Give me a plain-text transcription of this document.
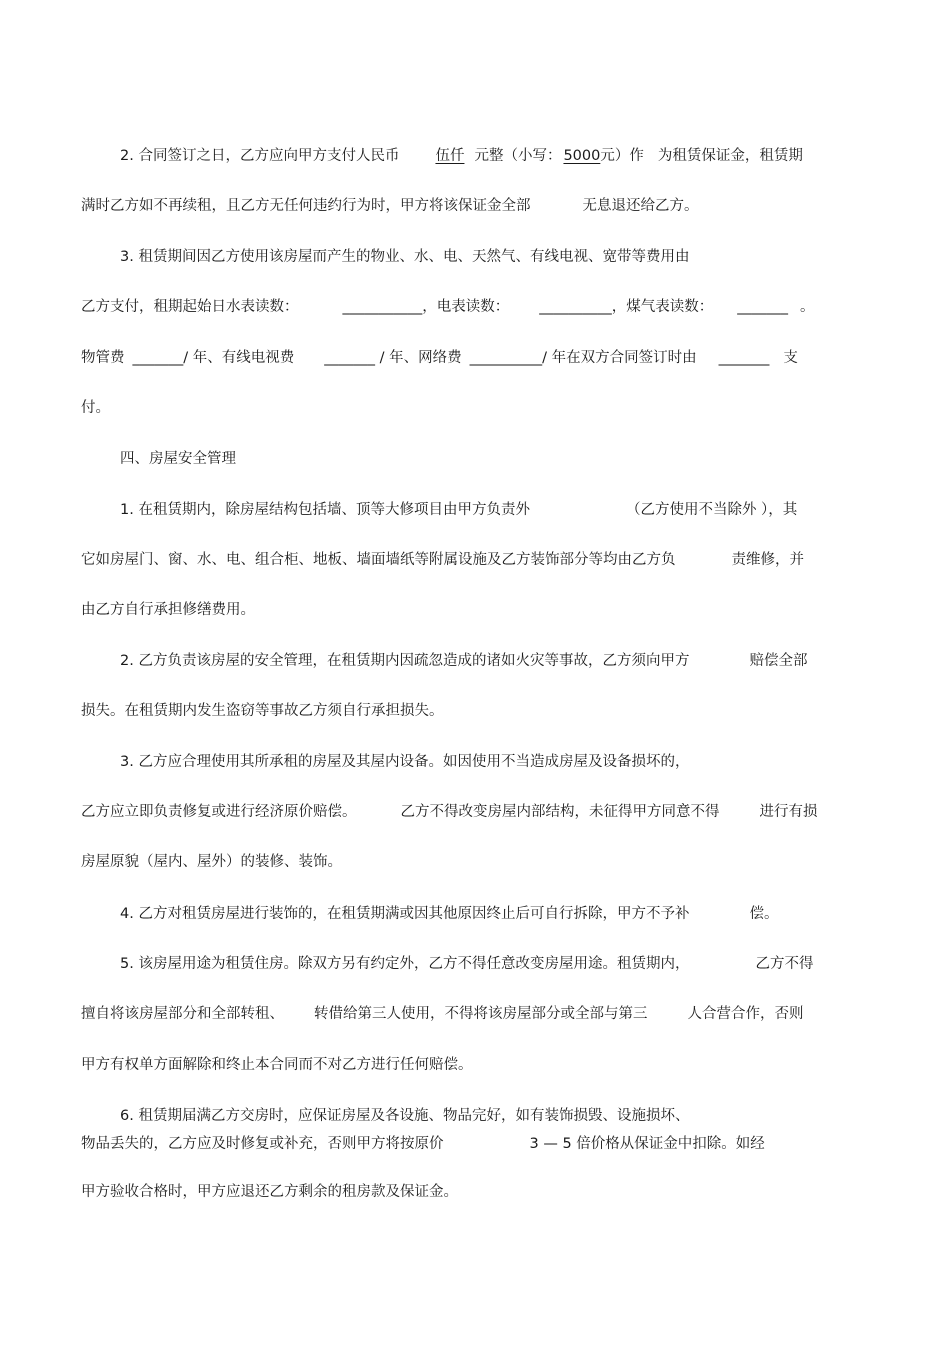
2. 合同签订之日，乙方应向甲方支付人民币 伍仟 元整（小写： 5000元）作 为租赁保证金，租赁期
满时乙方如不再续租，且乙方无任何违约行为时，甲方将该保证金全部	无息退还给乙方。
3. 租赁期间因乙方使用该房屋而产生的物业、水、电、天然气、有线电视、宽带等费用由
乙方支付，租期起始日水表读数：	___________，电表读数： __________，煤气表读数： _______ 。
物管费 _______/ 年、有线电视费 _______ / 年、网络费 __________/ 年在双方合同签订时由 _______ 支
付。
四、房屋安全管理
1. 在租赁期内，除房屋结构包括墙、顶等大修项目由甲方负责外	（乙方使用不当除外 ），其
它如房屋门、窗、水、电、组合柜、地板、墙面墙纸等附属设施及乙方装饰部分等均由乙方负	责维修，并
由乙方自行承担修缮费用。
2. 乙方负责该房屋的安全管理，在租赁期内因疏忽造成的诸如火灾等事故，乙方须向甲方	赔偿全部
损失。在租赁期内发生盗窃等事故乙方须自行承担损失。
3. 乙方应合理使用其所承租的房屋及其屋内设备。如因使用不当造成房屋及设备损坏的，
乙方应立即负责修复或进行经济原价赔偿。	乙方不得改变房屋内部结构，未征得甲方同意不得	进行有损
房屋原貌（屋内、屋外）的装修、装饰。
4. 乙方对租赁房屋进行装饰的，在租赁期满或因其他原因终止后可自行拆除，甲方不予补	偿。
5. 该房屋用途为租赁住房。除双方另有约定外，乙方不得任意改变房屋用途。租赁期内，	乙方不得
擅自将该房屋部分和全部转租、 转借给第三人使用，不得将该房屋部分或全部与第三	人合营合作，否则
甲方有权单方面解除和终止本合同而不对乙方进行任何赔偿。
6. 租赁期届满乙方交房时，应保证房屋及各设施、物品完好，如有装饰损毁、设施损坏、
物品丢失的，乙方应及时修复或补充，否则甲方将按原价	3 — 5 倍价格从保证金中扣除。如经
甲方验收合格时，甲方应退还乙方剩余的租房款及保证金。
